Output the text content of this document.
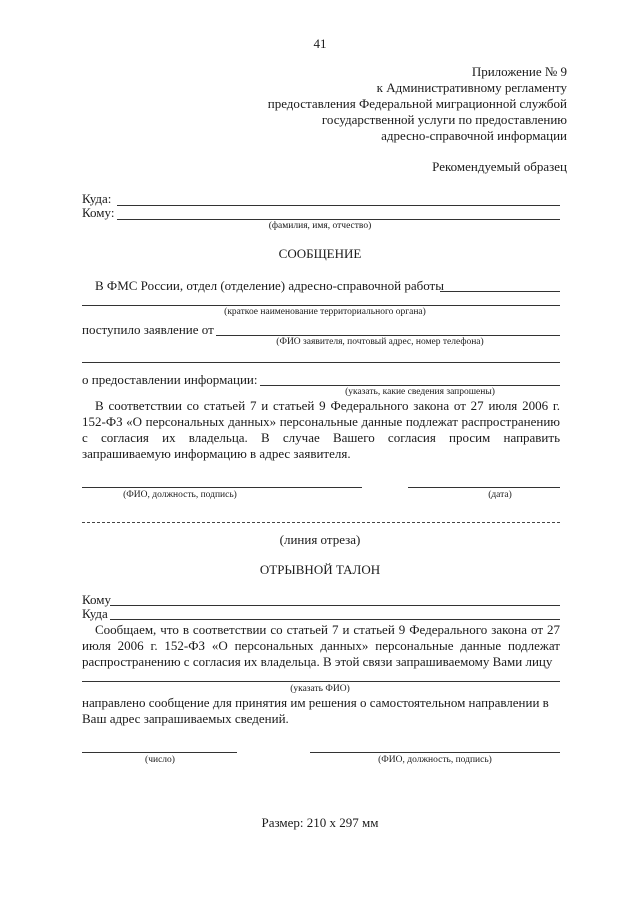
41
Приложение № 9
к Административному регламенту
предоставления Федеральной миграционной службой
государственной услуги по предоставлению
адресно-справочной информации
Рекомендуемый образец
Куда:
Кому:
(фамилия, имя, отчество)
СООБЩЕНИЕ
В ФМС России, отдел (отделение) адресно-справочной работы
(краткое наименование территориального органа)
поступило заявление от
(ФИО заявителя, почтовый адрес, номер телефона)
о предоставлении информации:
(указать, какие сведения запрошены)
В соответствии со статьей 7 и статьей 9 Федерального закона от 27 июля 2006 г. 152-ФЗ «О персональных данных» персональные данные подлежат распространению с согласия их владельца. В случае Вашего согласия просим направить запрашиваемую информацию в адрес заявителя.
(ФИО, должность, подпись)	(дата)
(линия отреза)
ОТРЫВНОЙ ТАЛОН
Кому
Куда
Сообщаем, что в соответствии со статьей 7 и статьей 9 Федерального закона от 27 июля 2006 г. 152-ФЗ «О персональных данных» персональные данные подлежат распространению с согласия их владельца. В этой связи запрашиваемому Вами лицу
(указать ФИО)
направлено сообщение для принятия им решения о самостоятельном направлении в Ваш адрес запрашиваемых сведений.
(число)	(ФИО, должность, подпись)
Размер: 210 х 297 мм
